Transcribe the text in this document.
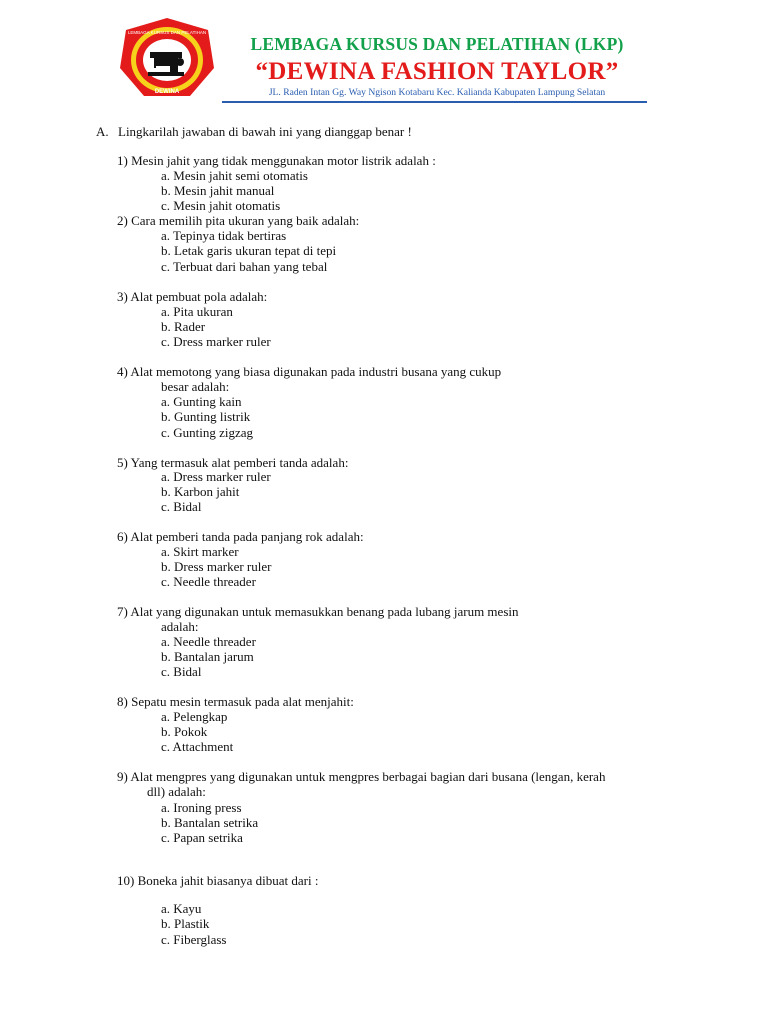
DEWINA
LEMBAGA KURSUS DAN PELATIHAN
LEMBAGA KURSUS DAN PELATIHAN (LKP)
“DEWINA FASHION TAYLOR”
JL. Raden Intan Gg. Way Ngison Kotabaru Kec. Kalianda Kabupaten Lampung Selatan
A. Lingkarilah jawaban di bawah ini yang dianggap benar !
1) Mesin jahit yang tidak menggunakan motor listrik adalah :
a. Mesin jahit semi otomatis
b. Mesin jahit manual
c. Mesin jahit otomatis
2) Cara memilih pita ukuran yang baik adalah:
a. Tepinya tidak bertiras
b. Letak garis ukuran tepat di tepi
c. Terbuat dari bahan yang tebal
3) Alat pembuat pola adalah:
a. Pita ukuran
b. Rader
c. Dress marker ruler
4) Alat memotong yang biasa digunakan pada industri busana yang cukup
besar adalah:
a. Gunting kain
b. Gunting listrik
c. Gunting zigzag
5) Yang termasuk alat pemberi tanda adalah:
a. Dress marker ruler
b. Karbon jahit
c. Bidal
6) Alat pemberi tanda pada panjang rok adalah:
a. Skirt marker
b. Dress marker ruler
c. Needle threader
7) Alat yang digunakan untuk memasukkan benang pada lubang jarum mesin
adalah:
a. Needle threader
b. Bantalan jarum
c. Bidal
8) Sepatu mesin termasuk pada alat menjahit:
a. Pelengkap
b. Pokok
c. Attachment
9) Alat mengpres yang digunakan untuk mengpres berbagai bagian dari busana (lengan, kerah
dll) adalah:
a. Ironing press
b. Bantalan setrika
c. Papan setrika
10) Boneka jahit biasanya dibuat dari :
a. Kayu
b. Plastik
c. Fiberglass
